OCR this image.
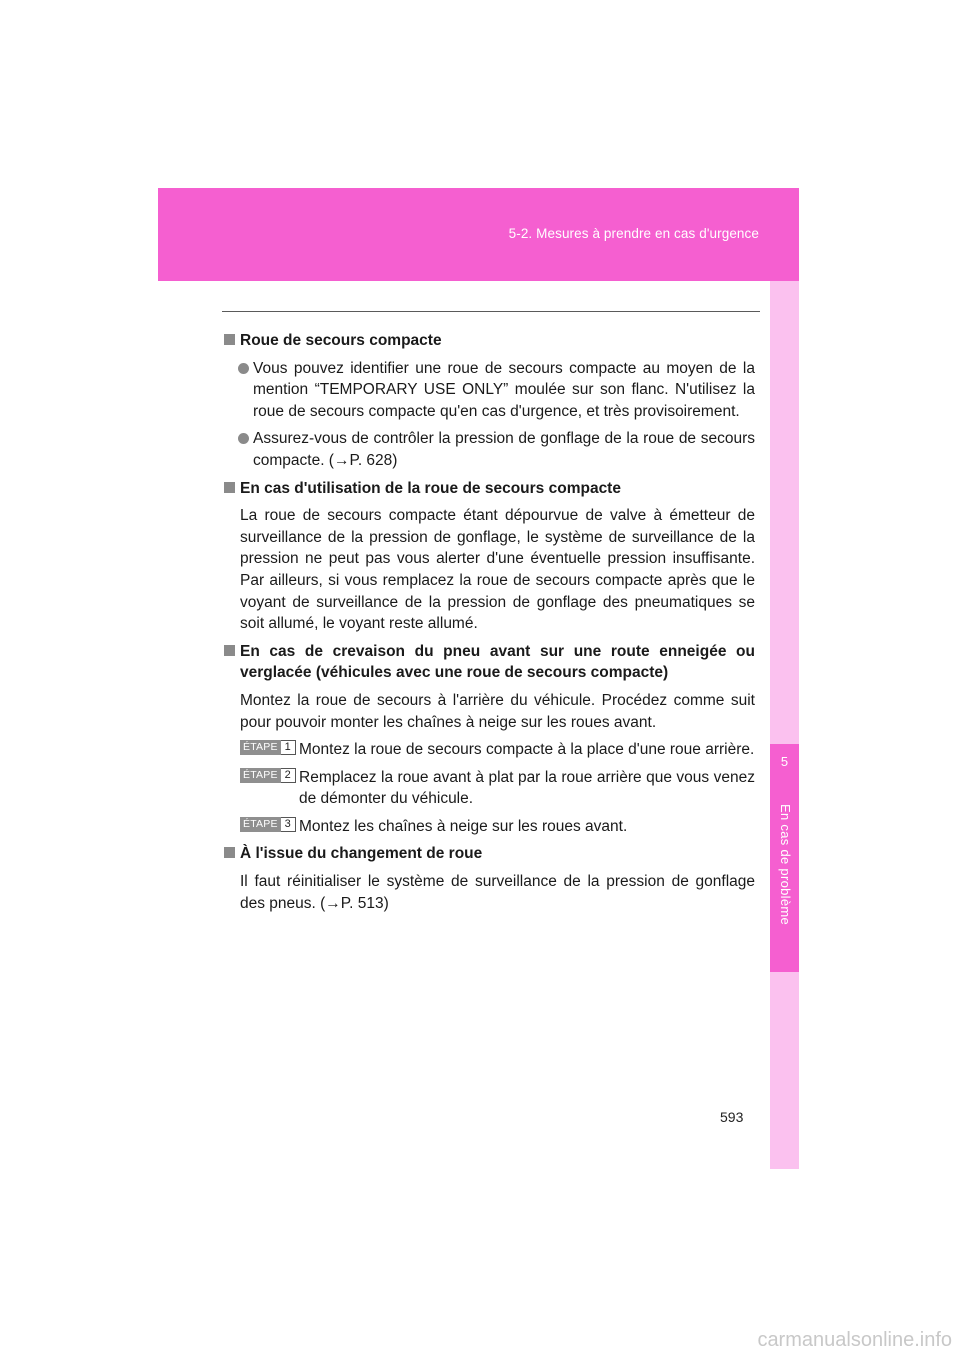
5-2. Mesures à prendre en cas d'urgence
5
En cas de problème
Roue de secours compacte
Vous pouvez identifier une roue de secours compacte au moyen de la mention “TEMPORARY USE ONLY” moulée sur son flanc. N'utilisez la roue de secours compacte qu'en cas d'urgence, et très provisoirement.
Assurez-vous de contrôler la pression de gonflage de la roue de secours compacte. (→P. 628)
En cas d'utilisation de la roue de secours compacte
La roue de secours compacte étant dépourvue de valve à émetteur de surveillance de la pression de gonflage, le système de surveillance de la pression ne peut pas vous alerter d'une éventuelle pression insuffisante. Par ailleurs, si vous remplacez la roue de secours compacte après que le voyant de surveillance de la pression de gonflage des pneumatiques se soit allumé, le voyant reste allumé.
En cas de crevaison du pneu avant sur une route enneigée ou verglacée (véhicules avec une roue de secours compacte)
Montez la roue de secours à l'arrière du véhicule. Procédez comme suit pour pouvoir monter les chaînes à neige sur les roues avant.
ÉTAPE 1 Montez la roue de secours compacte à la place d'une roue arrière.
ÉTAPE 2 Remplacez la roue avant à plat par la roue arrière que vous venez de démonter du véhicule.
ÉTAPE 3 Montez les chaînes à neige sur les roues avant.
À l'issue du changement de roue
Il faut réinitialiser le système de surveillance de la pression de gonflage des pneus. (→P. 513)
593
carmanualsonline.info
